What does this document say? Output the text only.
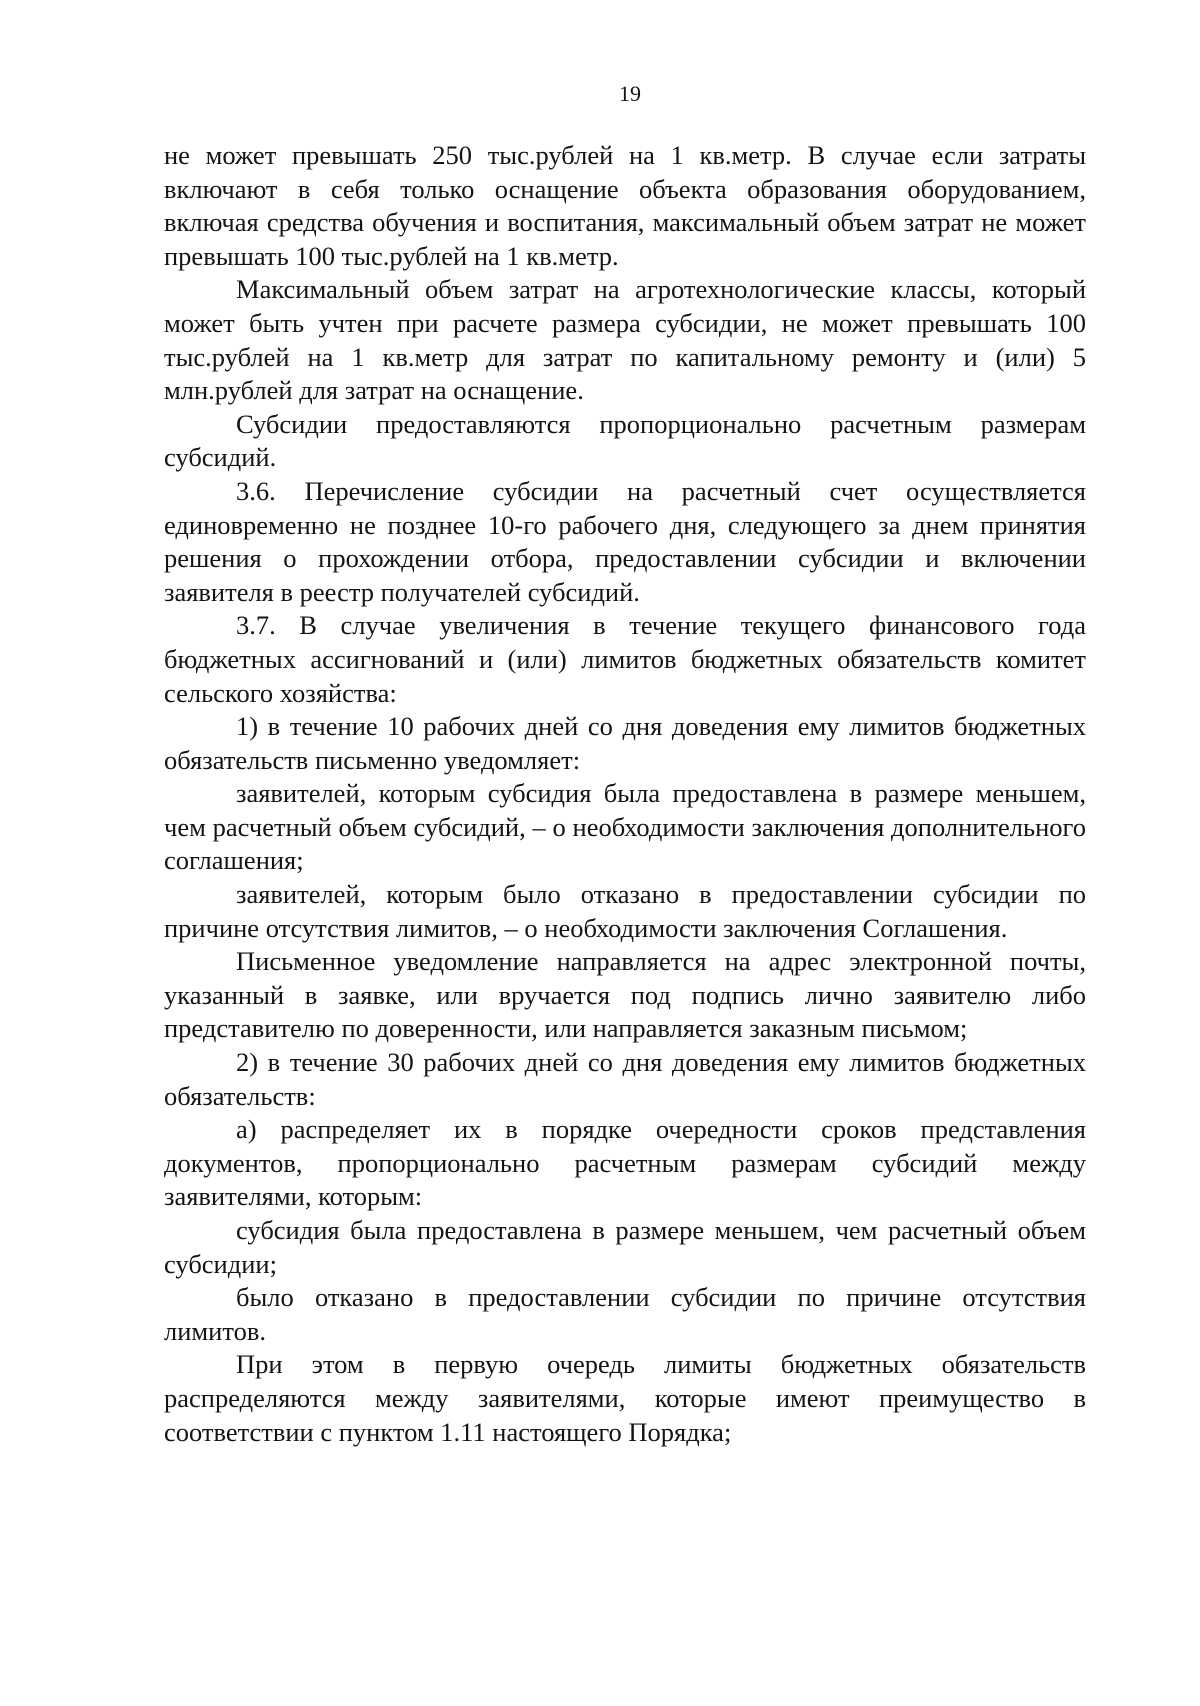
19

не может превышать 250 тыс.рублей на 1 кв.метр. В случае если затраты включают в себя только оснащение объекта образования оборудованием, включая средства обучения и воспитания, максимальный объем затрат не может превышать 100 тыс.рублей на 1 кв.метр.

Максимальный объем затрат на агротехнологические классы, который может быть учтен при расчете размера субсидии, не может превышать 100 тыс.рублей на 1 кв.метр для затрат по капитальному ремонту и (или) 5 млн.рублей для затрат на оснащение.

Субсидии предоставляются пропорционально расчетным размерам субсидий.

3.6. Перечисление субсидии на расчетный счет осуществляется единовременно не позднее 10-го рабочего дня, следующего за днем принятия решения о прохождении отбора, предоставлении субсидии и включении заявителя в реестр получателей субсидий.

3.7. В случае увеличения в течение текущего финансового года бюджетных ассигнований и (или) лимитов бюджетных обязательств комитет сельского хозяйства:

1) в течение 10 рабочих дней со дня доведения ему лимитов бюджетных обязательств письменно уведомляет:

заявителей, которым субсидия была предоставлена в размере меньшем, чем расчетный объем субсидий, – о необходимости заключения дополнительного соглашения;

заявителей, которым было отказано в предоставлении субсидии по причине отсутствия лимитов, – о необходимости заключения Соглашения.

Письменное уведомление направляется на адрес электронной почты, указанный в заявке, или вручается под подпись лично заявителю либо представителю по доверенности, или направляется заказным письмом;

2) в течение 30 рабочих дней со дня доведения ему лимитов бюджетных обязательств:

а) распределяет их в порядке очередности сроков представления документов, пропорционально расчетным размерам субсидий между заявителями, которым:

субсидия была предоставлена в размере меньшем, чем расчетный объем субсидии;

было отказано в предоставлении субсидии по причине отсутствия лимитов.

При этом в первую очередь лимиты бюджетных обязательств распределяются между заявителями, которые имеют преимущество в соответствии с пунктом 1.11 настоящего Порядка;
